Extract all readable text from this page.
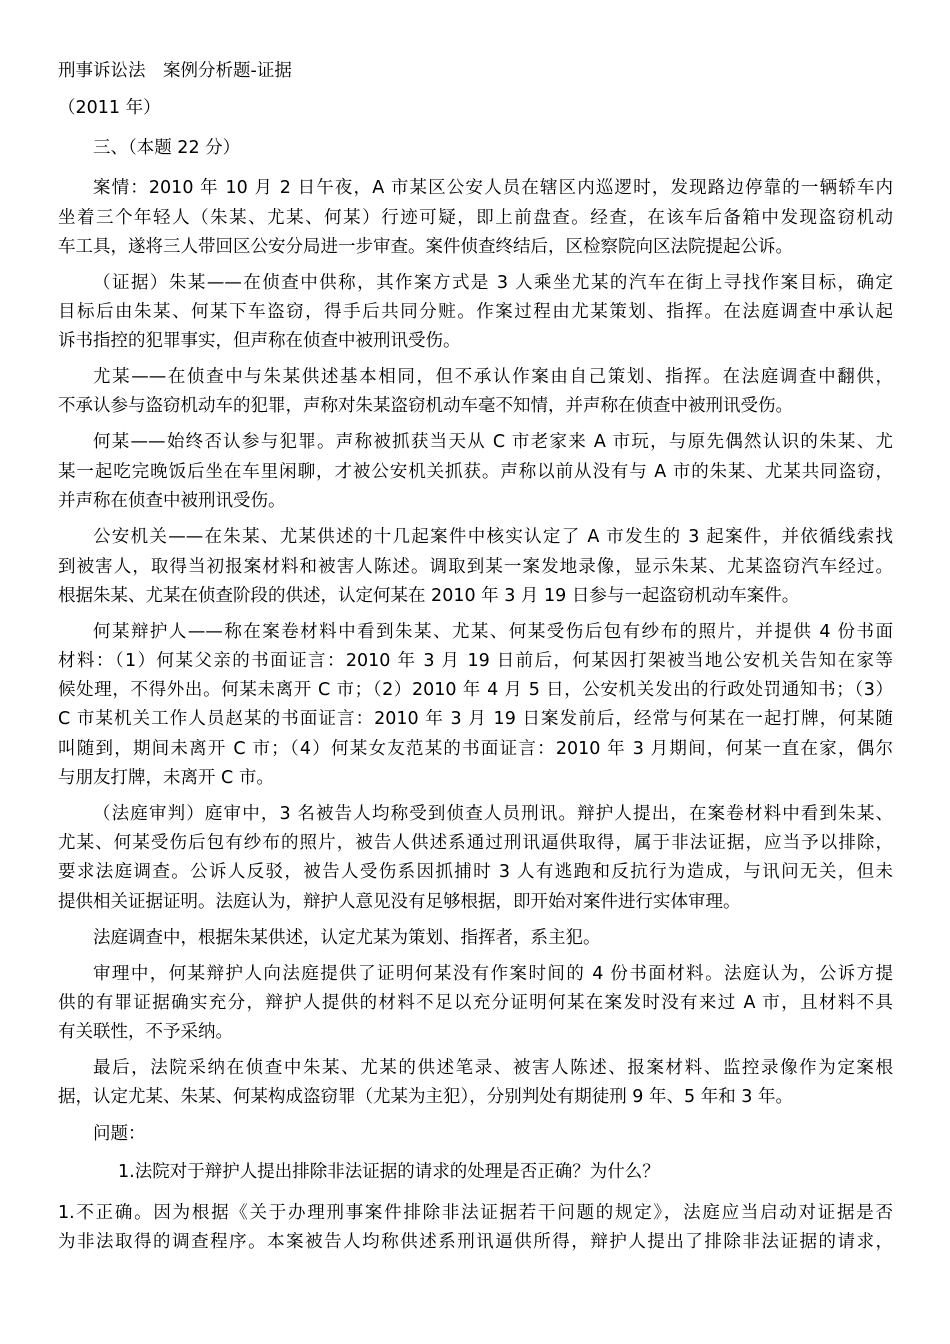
刑事诉讼法　案例分析题-证据
（2011 年）
三、（本题 22 分）
案情：2010 年 10 月 2 日午夜，A 市某区公安人员在辖区内巡逻时，发现路边停靠的一辆轿车内
坐着三个年轻人（朱某、尤某、何某）行迹可疑，即上前盘查。经查，在该车后备箱中发现盗窃机动
车工具，遂将三人带回区公安分局进一步审查。案件侦查终结后，区检察院向区法院提起公诉。
（证据）朱某——在侦查中供称，其作案方式是 3 人乘坐尤某的汽车在街上寻找作案目标，确定
目标后由朱某、何某下车盗窃，得手后共同分赃。作案过程由尤某策划、指挥。在法庭调查中承认起
诉书指控的犯罪事实，但声称在侦查中被刑讯受伤。
尤某——在侦查中与朱某供述基本相同，但不承认作案由自己策划、指挥。在法庭调查中翻供，
不承认参与盗窃机动车的犯罪，声称对朱某盗窃机动车毫不知情，并声称在侦查中被刑讯受伤。
何某——始终否认参与犯罪。声称被抓获当天从 C 市老家来 A 市玩，与原先偶然认识的朱某、尤
某一起吃完晚饭后坐在车里闲聊，才被公安机关抓获。声称以前从没有与 A 市的朱某、尤某共同盗窃，
并声称在侦查中被刑讯受伤。
公安机关——在朱某、尤某供述的十几起案件中核实认定了 A 市发生的 3 起案件，并依循线索找
到被害人，取得当初报案材料和被害人陈述。调取到某一案发地录像，显示朱某、尤某盗窃汽车经过。
根据朱某、尤某在侦查阶段的供述，认定何某在 2010 年 3 月 19 日参与一起盗窃机动车案件。
何某辩护人——称在案卷材料中看到朱某、尤某、何某受伤后包有纱布的照片，并提供 4 份书面
材料：（1）何某父亲的书面证言：2010 年 3 月 19 日前后，何某因打架被当地公安机关告知在家等
候处理，不得外出。何某未离开 C 市；（2）2010 年 4 月 5 日，公安机关发出的行政处罚通知书；（3）
C 市某机关工作人员赵某的书面证言：2010 年 3 月 19 日案发前后，经常与何某在一起打牌，何某随
叫随到，期间未离开 C 市；（4）何某女友范某的书面证言：2010 年 3 月期间，何某一直在家，偶尔
与朋友打牌，未离开 C 市。
（法庭审判）庭审中，3 名被告人均称受到侦查人员刑讯。辩护人提出，在案卷材料中看到朱某、
尤某、何某受伤后包有纱布的照片，被告人供述系通过刑讯逼供取得，属于非法证据，应当予以排除，
要求法庭调查。公诉人反驳，被告人受伤系因抓捕时 3 人有逃跑和反抗行为造成，与讯问无关，但未
提供相关证据证明。法庭认为，辩护人意见没有足够根据，即开始对案件进行实体审理。
法庭调查中，根据朱某供述，认定尤某为策划、指挥者，系主犯。
审理中，何某辩护人向法庭提供了证明何某没有作案时间的 4 份书面材料。法庭认为，公诉方提
供的有罪证据确实充分，辩护人提供的材料不足以充分证明何某在案发时没有来过 A 市，且材料不具
有关联性，不予采纳。
最后，法院采纳在侦查中朱某、尤某的供述笔录、被害人陈述、报案材料、监控录像作为定案根
据，认定尤某、朱某、何某构成盗窃罪（尤某为主犯），分别判处有期徒刑 9 年、5 年和 3 年。
问题：
1.法院对于辩护人提出排除非法证据的请求的处理是否正确？为什么？
1.不正确。因为根据《关于办理刑事案件排除非法证据若干问题的规定》，法庭应当启动对证据是否
为非法取得的调查程序。本案被告人均称供述系刑讯逼供所得，辩护人提出了排除非法证据的请求，
